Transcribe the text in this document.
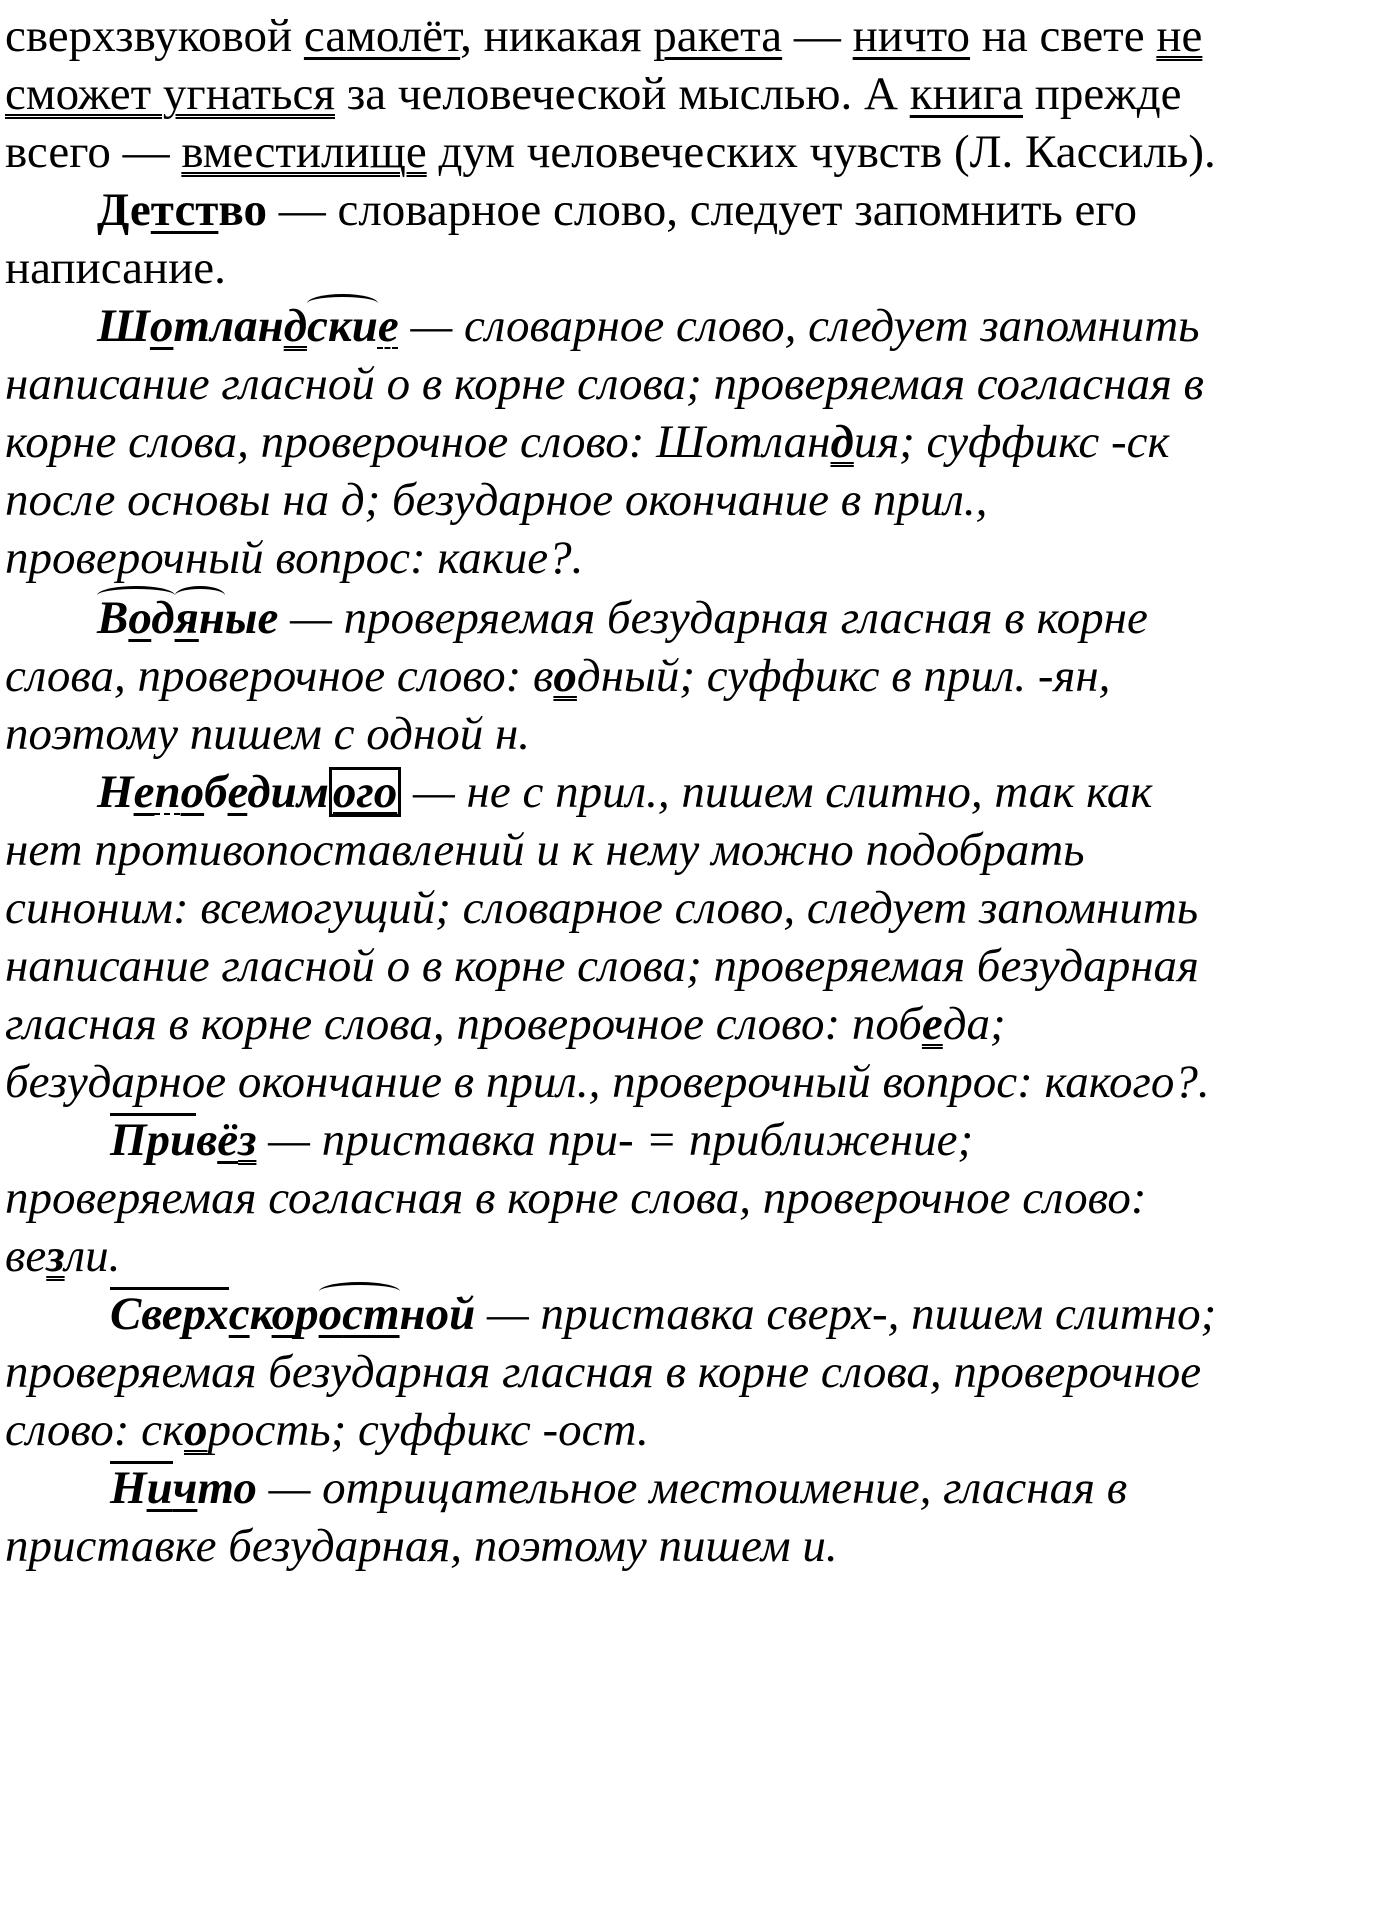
сверхзвуковой самолёт, никакая ракета — ничто на свете не
сможет угнаться за человеческой мыслью. А книга прежде
всего — вместилище дум человеческих чувств (Л. Кассиль).
Детство — словарное слово, следует запомнить его
написание.
Шотландские — словарное слово, следует запомнить
написание гласной о в корне слова; проверяемая согласная в
корне слова, проверочное слово: Шотландия; суффикс -ск
после основы на д; безударное окончание в прил.,
проверочный вопрос: какие?.
Водяные — проверяемая безударная гласная в корне
слова, проверочное слово: водный; суффикс в прил. -ян,
поэтому пишем с одной н.
Непобедимого — не с прил., пишем слитно, так как
нет противопоставлений и к нему можно подобрать
синоним: всемогущий; словарное слово, следует запомнить
написание гласной о в корне слова; проверяемая безударная
гласная в корне слова, проверочное слово: победа;
безударное окончание в прил., проверочный вопрос: какого?.
Привёз — приставка при- = приближение;
проверяемая согласная в корне слова, проверочное слово:
везли.
Сверхскоростной — приставка сверх-, пишем слитно;
проверяемая безударная гласная в корне слова, проверочное
слово: скорость; суффикс -ост.
Ничто — отрицательное местоимение, гласная в
приставке безударная, поэтому пишем и.
